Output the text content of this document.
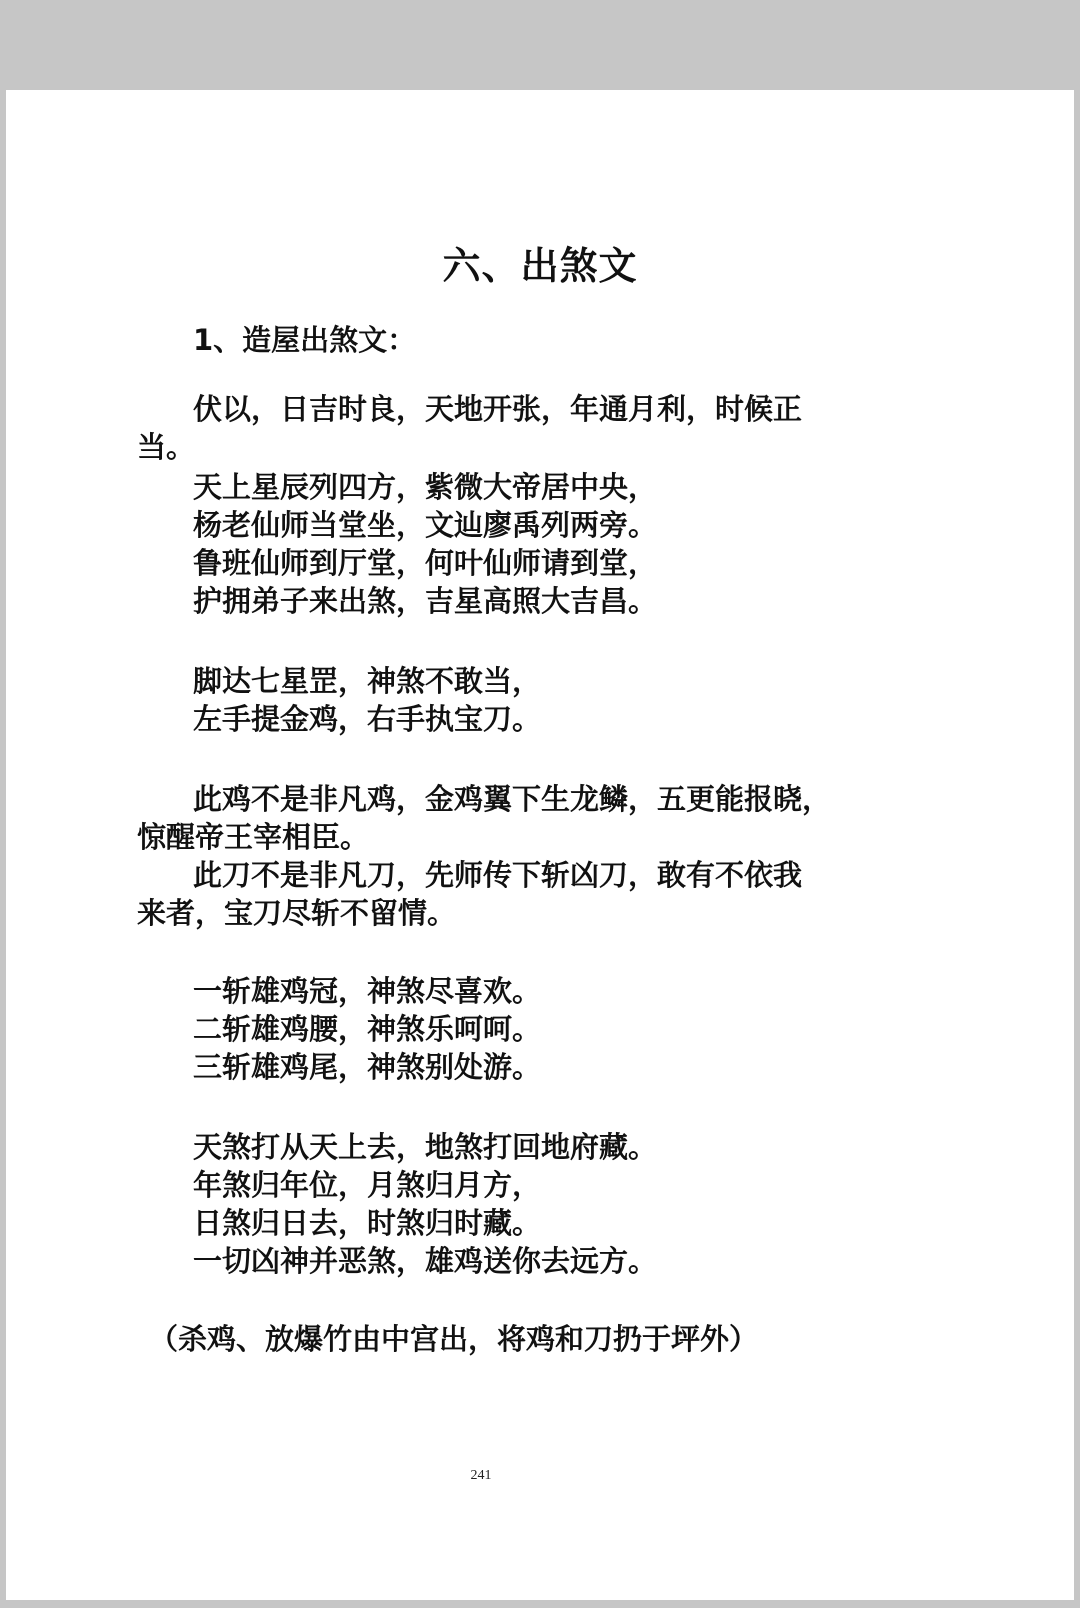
六、出煞文
1、造屋出煞文：

伏以，日吉时良，天地开张，年通月利，时候正

当。

天上星辰列四方，紫微大帝居中央，

杨老仙师当堂坐，文辿廖禹列两旁。

鲁班仙师到厅堂，何叶仙师请到堂，

护拥弟子来出煞，吉星高照大吉昌。

脚达七星罡，神煞不敢当，

左手提金鸡，右手执宝刀。

此鸡不是非凡鸡，金鸡翼下生龙鳞，五更能报晓，

惊醒帝王宰相臣。

此刀不是非凡刀，先师传下斩凶刀，敢有不依我

来者，宝刀尽斩不留情。

一斩雄鸡冠，神煞尽喜欢。

二斩雄鸡腰，神煞乐呵呵。

三斩雄鸡尾，神煞别处游。

天煞打从天上去，地煞打回地府藏。

年煞归年位，月煞归月方，

日煞归日去，时煞归时藏。

一切凶神并恶煞，雄鸡送你去远方。

（杀鸡、放爆竹由中宫出，将鸡和刀扔于坪外）

241
